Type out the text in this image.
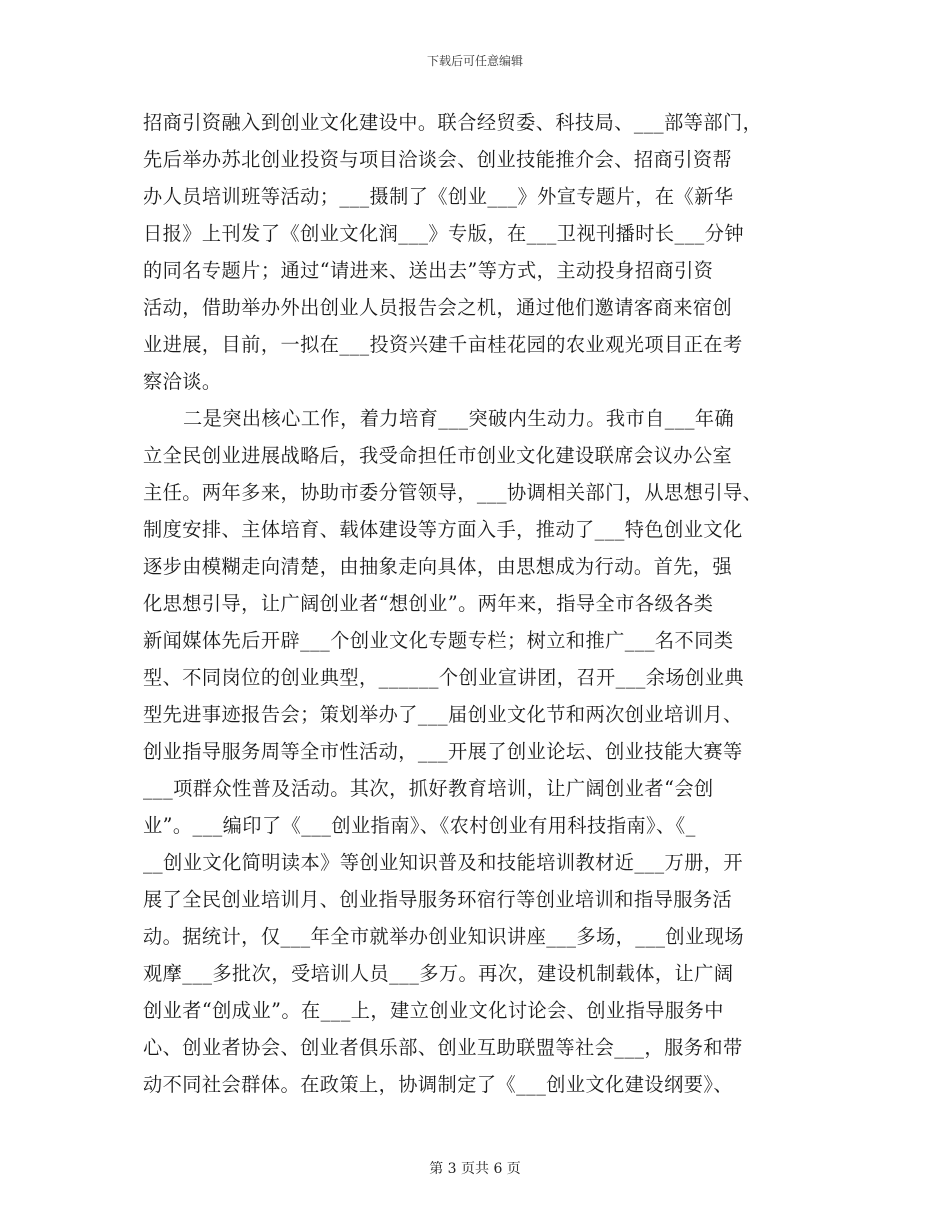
下载后可任意编辑
招商引资融入到创业文化建设中。联合经贸委、科技局、___部等部门，
先后举办苏北创业投资与项目洽谈会、创业技能推介会、招商引资帮
办人员培训班等活动；___摄制了《创业___》外宣专题片，在《新华
日报》上刊发了《创业文化润___》专版，在___卫视刊播时长___分钟
的同名专题片；通过“请进来、送出去”等方式，主动投身招商引资
活动，借助举办外出创业人员报告会之机，通过他们邀请客商来宿创
业进展，目前，一拟在___投资兴建千亩桂花园的农业观光项目正在考
察洽谈。
二是突出核心工作，着力培育___突破内生动力。我市自___年确
立全民创业进展战略后，我受命担任市创业文化建设联席会议办公室
主任。两年多来，协助市委分管领导，___协调相关部门，从思想引导、
制度安排、主体培育、载体建设等方面入手，推动了___特色创业文化
逐步由模糊走向清楚，由抽象走向具体，由思想成为行动。首先，强
化思想引导，让广阔创业者“想创业”。两年来，指导全市各级各类
新闻媒体先后开辟___个创业文化专题专栏；树立和推广___名不同类
型、不同岗位的创业典型，______个创业宣讲团，召开___余场创业典
型先进事迹报告会；策划举办了___届创业文化节和两次创业培训月、
创业指导服务周等全市性活动，___开展了创业论坛、创业技能大赛等
___项群众性普及活动。其次，抓好教育培训，让广阔创业者“会创
业”。___编印了《___创业指南》、《农村创业有用科技指南》、《_
__创业文化简明读本》等创业知识普及和技能培训教材近___万册，开
展了全民创业培训月、创业指导服务环宿行等创业培训和指导服务活
动。据统计，仅___年全市就举办创业知识讲座___多场，___创业现场
观摩___多批次，受培训人员___多万。再次，建设机制载体，让广阔
创业者“创成业”。在___上，建立创业文化讨论会、创业指导服务中
心、创业者协会、创业者俱乐部、创业互助联盟等社会___，服务和带
动不同社会群体。在政策上，协调制定了《___创业文化建设纲要》、
第 3 页共 6 页
